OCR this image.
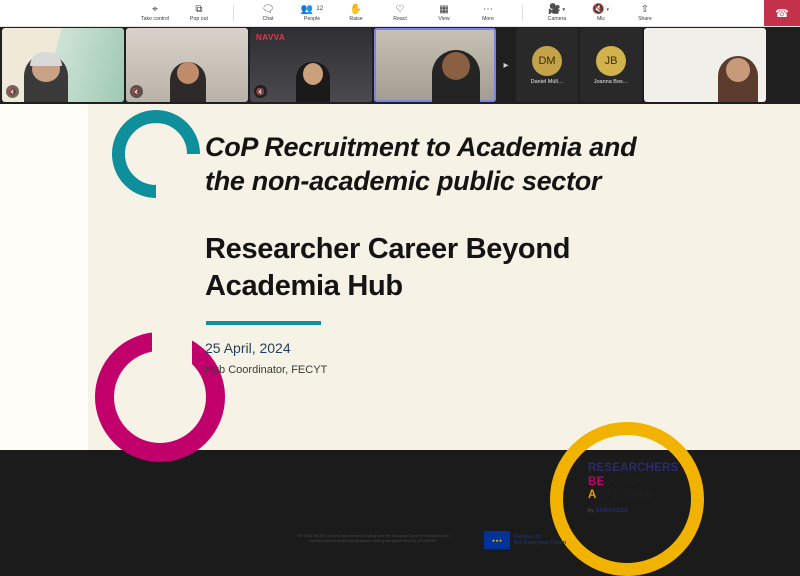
⌖
Take control
⧉
Pop out
🗨
Chat
👥 12
People
✋
Raise
♡
React
▦
View
⋯
More
🎥 ▼
Camera
🔇 ▼
Mic
⇧
Share	☎
🔇	🔇
NAVVA
🔇
▸	DM
Daniel Müll…
JB
Joanna Bos…
CoP Recruitment to Academia and
the non-academic public sector
Researcher Career Beyond
Academia Hub
25 April, 2024
Hub Coordinator, FECYT
RESEARCHERS
BEYOND
ACADEMIA
by EURAXESS
The ERA TALENT project has received funding from the European Union's Horizon Europe
research and innovation programme under grant agreement No 101104639.	★★★
Funded by
the European Union
